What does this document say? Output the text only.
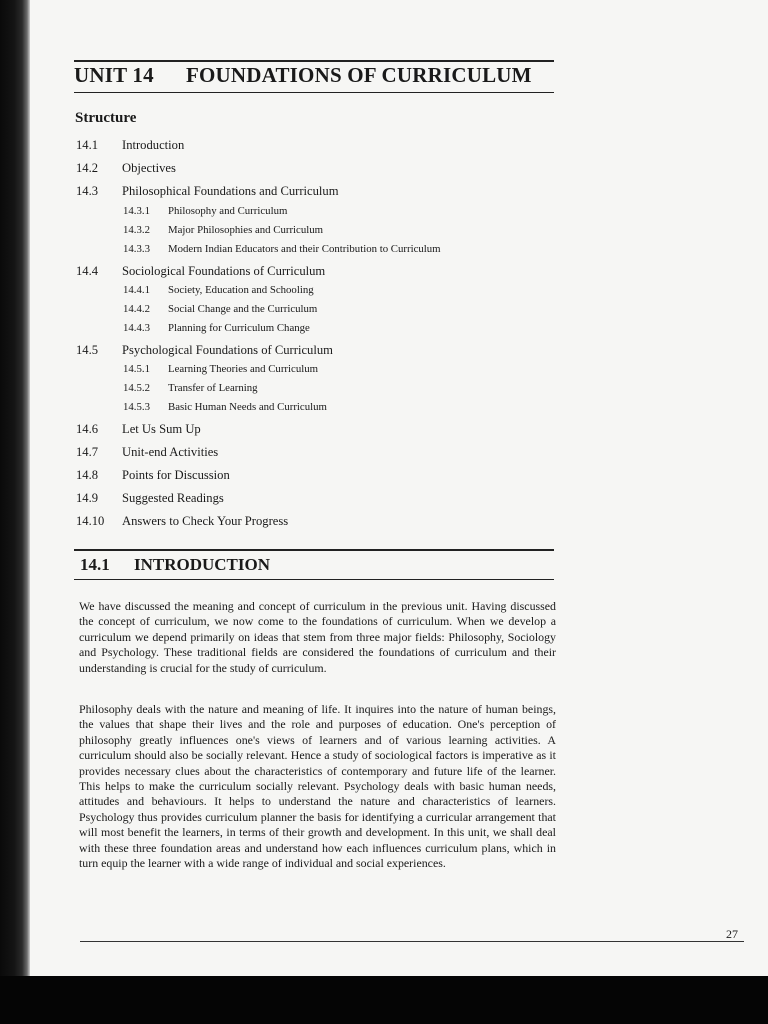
UNIT 14 FOUNDATIONS OF CURRICULUM
Structure
14.1 Introduction
14.2 Objectives
14.3 Philosophical Foundations and Curriculum
14.3.1 Philosophy and Curriculum
14.3.2 Major Philosophies and Curriculum
14.3.3 Modern Indian Educators and their Contribution to Curriculum
14.4 Sociological Foundations of Curriculum
14.4.1 Society, Education and Schooling
14.4.2 Social Change and the Curriculum
14.4.3 Planning for Curriculum Change
14.5 Psychological Foundations of Curriculum
14.5.1 Learning Theories and Curriculum
14.5.2 Transfer of Learning
14.5.3 Basic Human Needs and Curriculum
14.6 Let Us Sum Up
14.7 Unit-end Activities
14.8 Points for Discussion
14.9 Suggested Readings
14.10 Answers to Check Your Progress
14.1 INTRODUCTION

We have discussed the meaning and concept of curriculum in the previous unit. Having discussed the concept of curriculum, we now come to the foundations of curriculum. When we develop a curriculum we depend primarily on ideas that stem from three major fields: Philosophy, Sociology and Psychology. These traditional fields are considered the foundations of curriculum and their understanding is crucial for the study of curriculum.

Philosophy deals with the nature and meaning of life. It inquires into the nature of human beings, the values that shape their lives and the role and purposes of education. One's perception of philosophy greatly influences one's views of learners and of various learning activities. A curriculum should also be socially relevant. Hence a study of sociological factors is imperative as it provides necessary clues about the characteristics of contemporary and future life of the learner. This helps to make the curriculum socially relevant. Psychology deals with basic human needs, attitudes and behaviours. It helps to understand the nature and characteristics of learners. Psychology thus provides curriculum planner the basis for identifying a curricular arrangement that will most benefit the learners, in terms of their growth and development. In this unit, we shall deal with these three foundation areas and understand how each influences curriculum plans, which in turn equip the learner with a wide range of individual and social experiences.

27
